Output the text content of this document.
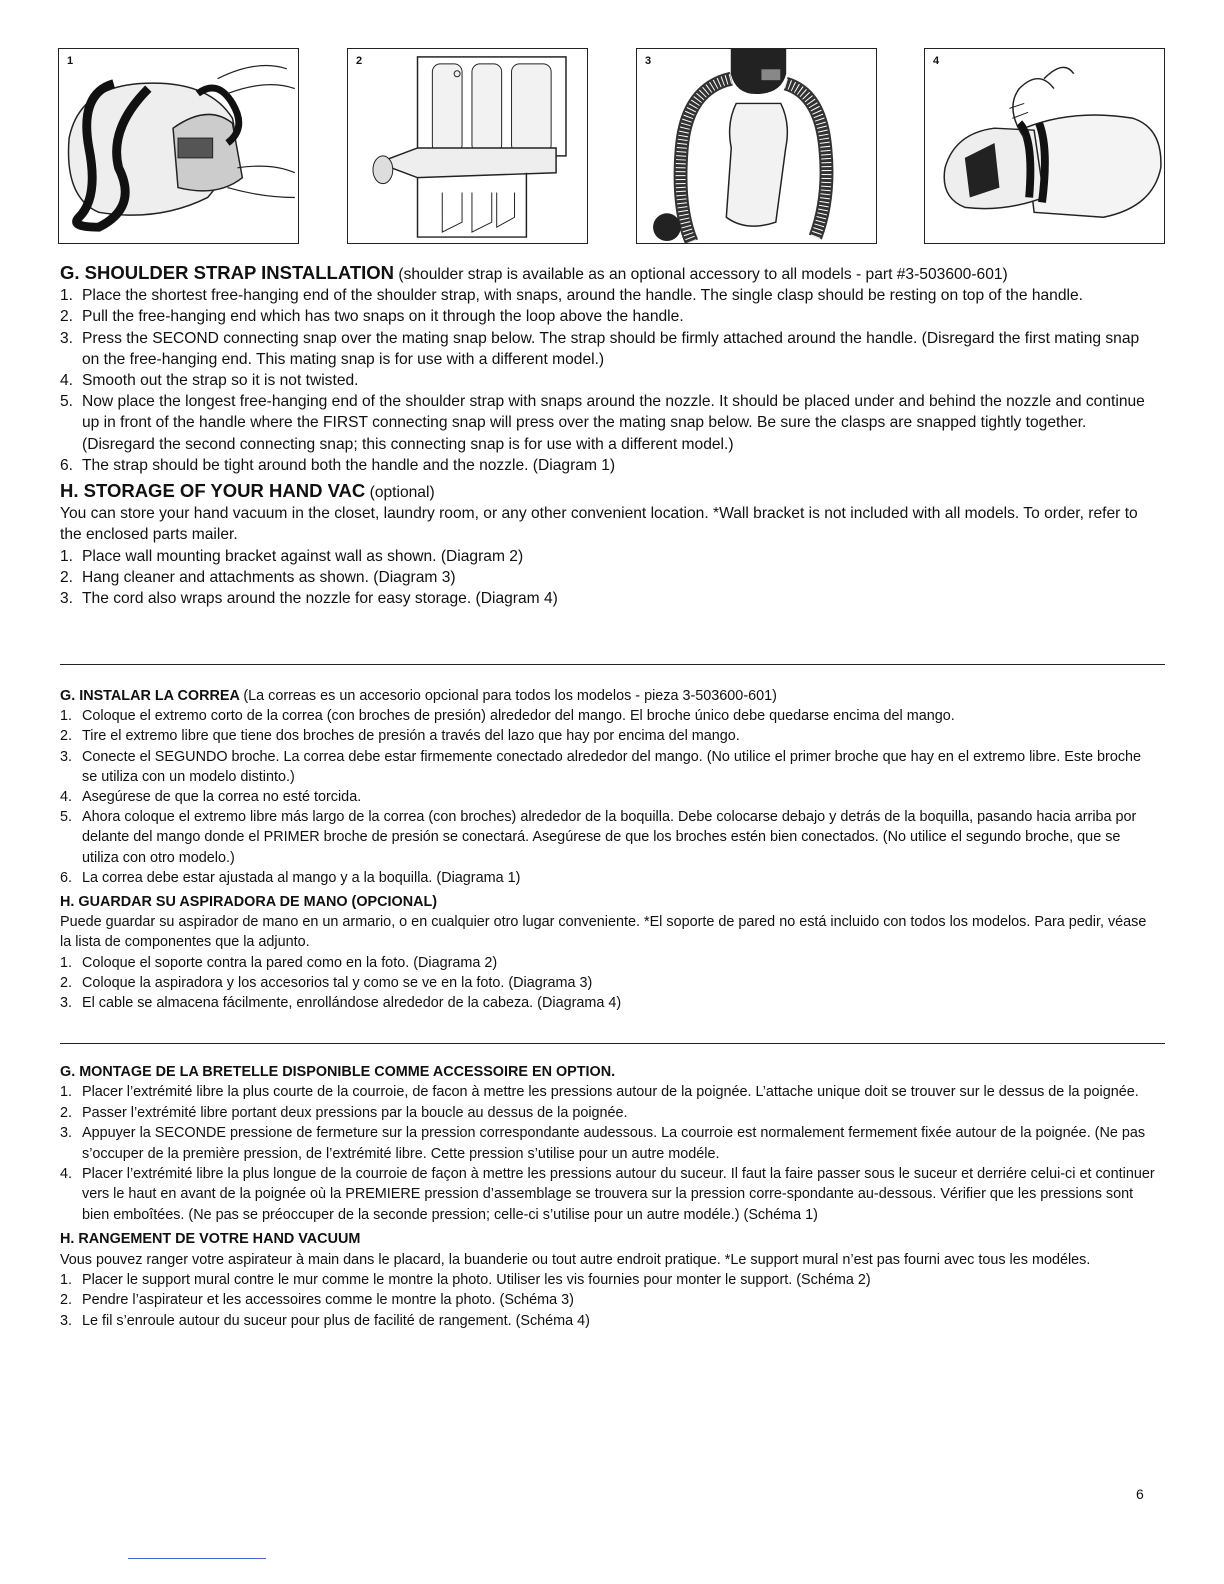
1	2	3	4

G. SHOULDER STRAP INSTALLATION (shoulder strap is available as an optional accessory to all models - part #3-503600-601)

1. Place the shortest free-hanging end of the shoulder strap, with snaps, around the handle. The single clasp should be resting on top of the handle.
2. Pull the free-hanging end which has two snaps on it through the loop above the handle.
3. Press the SECOND connecting snap over the mating snap below. The strap should be firmly attached around the handle. (Disregard the first mating snap on the free-hanging end. This mating snap is for use with a different model.)
4. Smooth out the strap so it is not twisted.
5. Now place the longest free-hanging end of the shoulder strap with snaps around the nozzle. It should be placed under and behind the nozzle and continue up in front of the handle where the FIRST connecting snap will press over the mating snap below. Be sure the clasps are snapped tightly together. (Disregard the second connecting snap; this connecting snap is for use with a different model.)
6. The strap should be tight around both the handle and the nozzle. (Diagram 1)

H. STORAGE OF YOUR HAND VAC (optional)

You can store your hand vacuum in the closet, laundry room, or any other convenient location. *Wall bracket is not included with all models. To order, refer to the enclosed parts mailer.

1. Place wall mounting bracket against wall as shown. (Diagram 2)
2. Hang cleaner and attachments as shown. (Diagram 3)
3. The cord also wraps around the nozzle for easy storage. (Diagram 4)

G. INSTALAR LA CORREA (La correas es un accesorio opcional para todos los modelos - pieza 3-503600-601)

1. Coloque el extremo corto de la correa (con broches de presión) alrededor del mango. El broche único debe quedarse encima del mango.
2. Tire el extremo libre que tiene dos broches de presión a través del lazo que hay por encima del mango.
3. Conecte el SEGUNDO broche. La correa debe estar firmemente conectado alrededor del mango. (No utilice el primer broche que hay en el extremo libre. Este broche se utiliza con un modelo distinto.)
4. Asegúrese de que la correa no esté torcida.
5. Ahora coloque el extremo libre más largo de la correa (con broches) alrededor de la boquilla. Debe colocarse debajo y detrás de la boquilla, pasando hacia arriba por delante del mango donde el PRIMER broche de presión se conectará. Asegúrese de que los broches estén bien conectados. (No utilice el segundo broche, que se utiliza con otro modelo.)
6. La correa debe estar ajustada al mango y a la boquilla. (Diagrama 1)

H. GUARDAR SU ASPIRADORA DE MANO (OPCIONAL)

Puede guardar su aspirador de mano en un armario, o en cualquier otro lugar conveniente. *El soporte de pared no está incluido con todos los modelos. Para pedir, véase la lista de componentes que la adjunto.

1. Coloque el soporte contra la pared como en la foto. (Diagrama 2)
2. Coloque la aspiradora y los accesorios tal y como se ve en la foto. (Diagrama 3)
3. El cable se almacena fácilmente, enrollándose alrededor de la cabeza. (Diagrama 4)

G. MONTAGE DE LA BRETELLE DISPONIBLE COMME ACCESSOIRE EN OPTION.

1. Placer l’extrémité libre la plus courte de la courroie, de facon à mettre les pressions autour de la poignée. L’attache unique doit se trouver sur le dessus de la poignée.
2. Passer l’extrémité libre portant deux pressions par la boucle au dessus de la poignée.
3. Appuyer la SECONDE pressione de fermeture sur la pression correspondante audessous. La courroie est normalement fermement fixée autour de la poignée. (Ne pas s’occuper de la première pression, de l’extrémité libre. Cette pression s’utilise pour un autre modéle.
4. Placer l’extrémité libre la plus longue de la courroie de façon à mettre les pressions autour du suceur. Il faut la faire passer sous le suceur et derriére celui-ci et continuer vers le haut en avant de la poignée où la PREMIERE pression d’assemblage se trouvera sur la pression corre-spondante au-dessous. Vérifier que les pressions sont bien emboîtées. (Ne pas se préoccuper de la seconde pression; celle-ci s’utilise pour un autre modéle.) (Schéma 1)

H. RANGEMENT DE VOTRE HAND VACUUM

Vous pouvez ranger votre aspirateur à main dans le placard, la buanderie ou tout autre endroit pratique. *Le support mural n’est pas fourni avec tous les modéles.

1. Placer le support mural contre le mur comme le montre la photo. Utiliser les vis fournies pour monter le support. (Schéma 2)
2. Pendre l’aspirateur et les accessoires comme le montre la photo. (Schéma 3)
3. Le fil s’enroule autour du suceur pour plus de facilité de rangement. (Schéma 4)
6
